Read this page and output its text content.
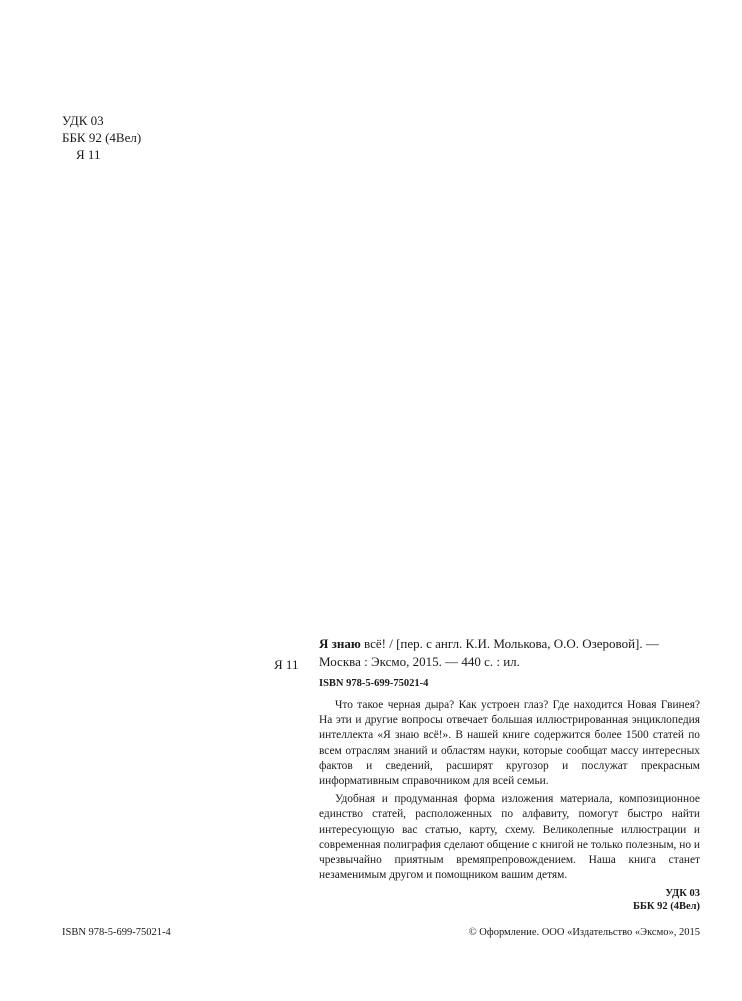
УДК 03
ББК 92 (4Вел)
Я 11
Я 11
Я знаю всё! / [пер. с англ. К.И. Молькова, О.О. Озеровой]. —
Москва : Эксмо, 2015. — 440 с. : ил.
ISBN 978-5-699-75021-4

Что такое черная дыра? Как устроен глаз? Где находится Новая Гвинея? На эти и другие вопросы отвечает большая иллюстрированная энциклопедия интеллекта «Я знаю всё!». В нашей книге содержится более 1500 статей по всем отраслям знаний и областям науки, которые сообщат массу интересных фактов и сведений, расширят кругозор и послужат прекрасным информативным справочником для всей семьи.

Удобная и продуманная форма изложения материала, композиционное единство статей, расположенных по алфавиту, помогут быстро найти интересующую вас статью, карту, схему. Великолепные иллюстрации и современная полиграфия сделают общение с книгой не только полезным, но и чрезвычайно приятным времяпрепровождением. Наша книга станет незаменимым другом и помощником вашим детям.

УДК 03
ББК 92 (4Вел)
ISBN 978-5-699-75021-4	© Оформление. ООО «Издательство «Эксмо», 2015
